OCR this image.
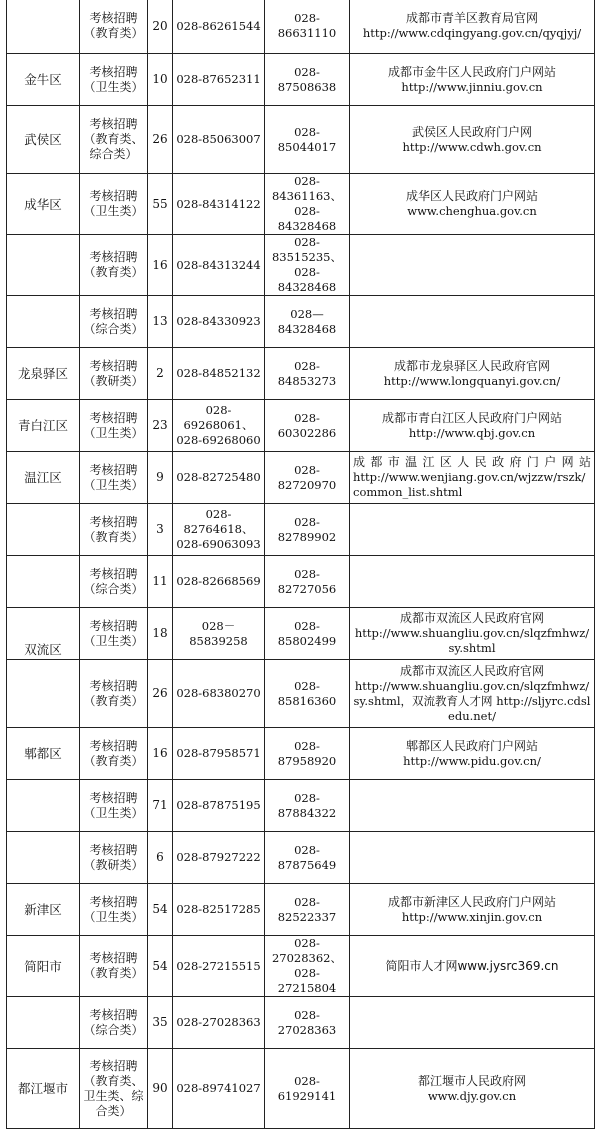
	考核招聘（教育类）	20	028-86261544	028-86631110	成都市青羊区教育局官网
http://www.cdqingyang.gov.cn/qyqjyj/

金牛区	考核招聘（卫生类）	10	028-87652311	028-87508638	成都市金牛区人民政府门户网站
http://www.jinniu.gov.cn

武侯区	考核招聘（教育类、综合类）	26	028-85063007	028-85044017	武侯区人民政府门户网
http://www.cdwh.gov.cn

成华区	考核招聘（卫生类）	55	028-84314122	028-84361163、028-84328468	成华区人民政府门户网站
www.chenghua.gov.cn

	考核招聘（教育类）	16	028-84313244	028-83515235、028-84328468	

	考核招聘（综合类）	13	028-84330923	028—84328468	

龙泉驿区	考核招聘（教研类）	2	028-84852132	028-84853273	成都市龙泉驿区人民政府官网
http://www.longquanyi.gov.cn/

青白江区	考核招聘（卫生类）	23	028-69268061、028-69268060	028-60302286	成都市青白江区人民政府门户网站
http://www.qbj.gov.cn

温江区	考核招聘（卫生类）	9	028-82725480	028- 82720970	成都市温江区人民政府门户网站
http://www.wenjiang.gov.cn/wjzzw/rszk/common_list.shtml

	考核招聘（教育类）	3	028-82764618、028-69063093	028-82789902	

	考核招聘（综合类）	11	028-82668569	028- 82727056	

双流区	考核招聘（卫生类）	18	028－85839258	028-85802499	成都市双流区人民政府官网
http://www.shuangliu.gov.cn/slqzfmhwz/sy.shtml

	考核招聘（教育类）	26	028-68380270	028-85816360	成都市双流区人民政府官网
http://www.shuangliu.gov.cn/slqzfmhwz/sy.shtml，双流教育人才网 http://sljyrc.cdsledu.net/

郫都区	考核招聘（教育类）	16	028-87958571	028-87958920	郫都区人民政府门户网站
http://www.pidu.gov.cn/

	考核招聘（卫生类）	71	028-87875195	028-87884322	

	考核招聘（教研类）	6	028-87927222	028-87875649	

新津区	考核招聘（卫生类）	54	028-82517285	028-82522337	成都市新津区人民政府门户网站
http://www.xinjin.gov.cn

简阳市	考核招聘（教育类）	54	028-27215515	028-27028362、028-27215804	简阳市人才网www.jysrc369.cn

	考核招聘（综合类）	35	028-27028363	028-27028363	

都江堰市	考核招聘（教育类、卫生类、综合类）	90	028-89741027	028-61929141	都江堰市人民政府网
www.djy.gov.cn
